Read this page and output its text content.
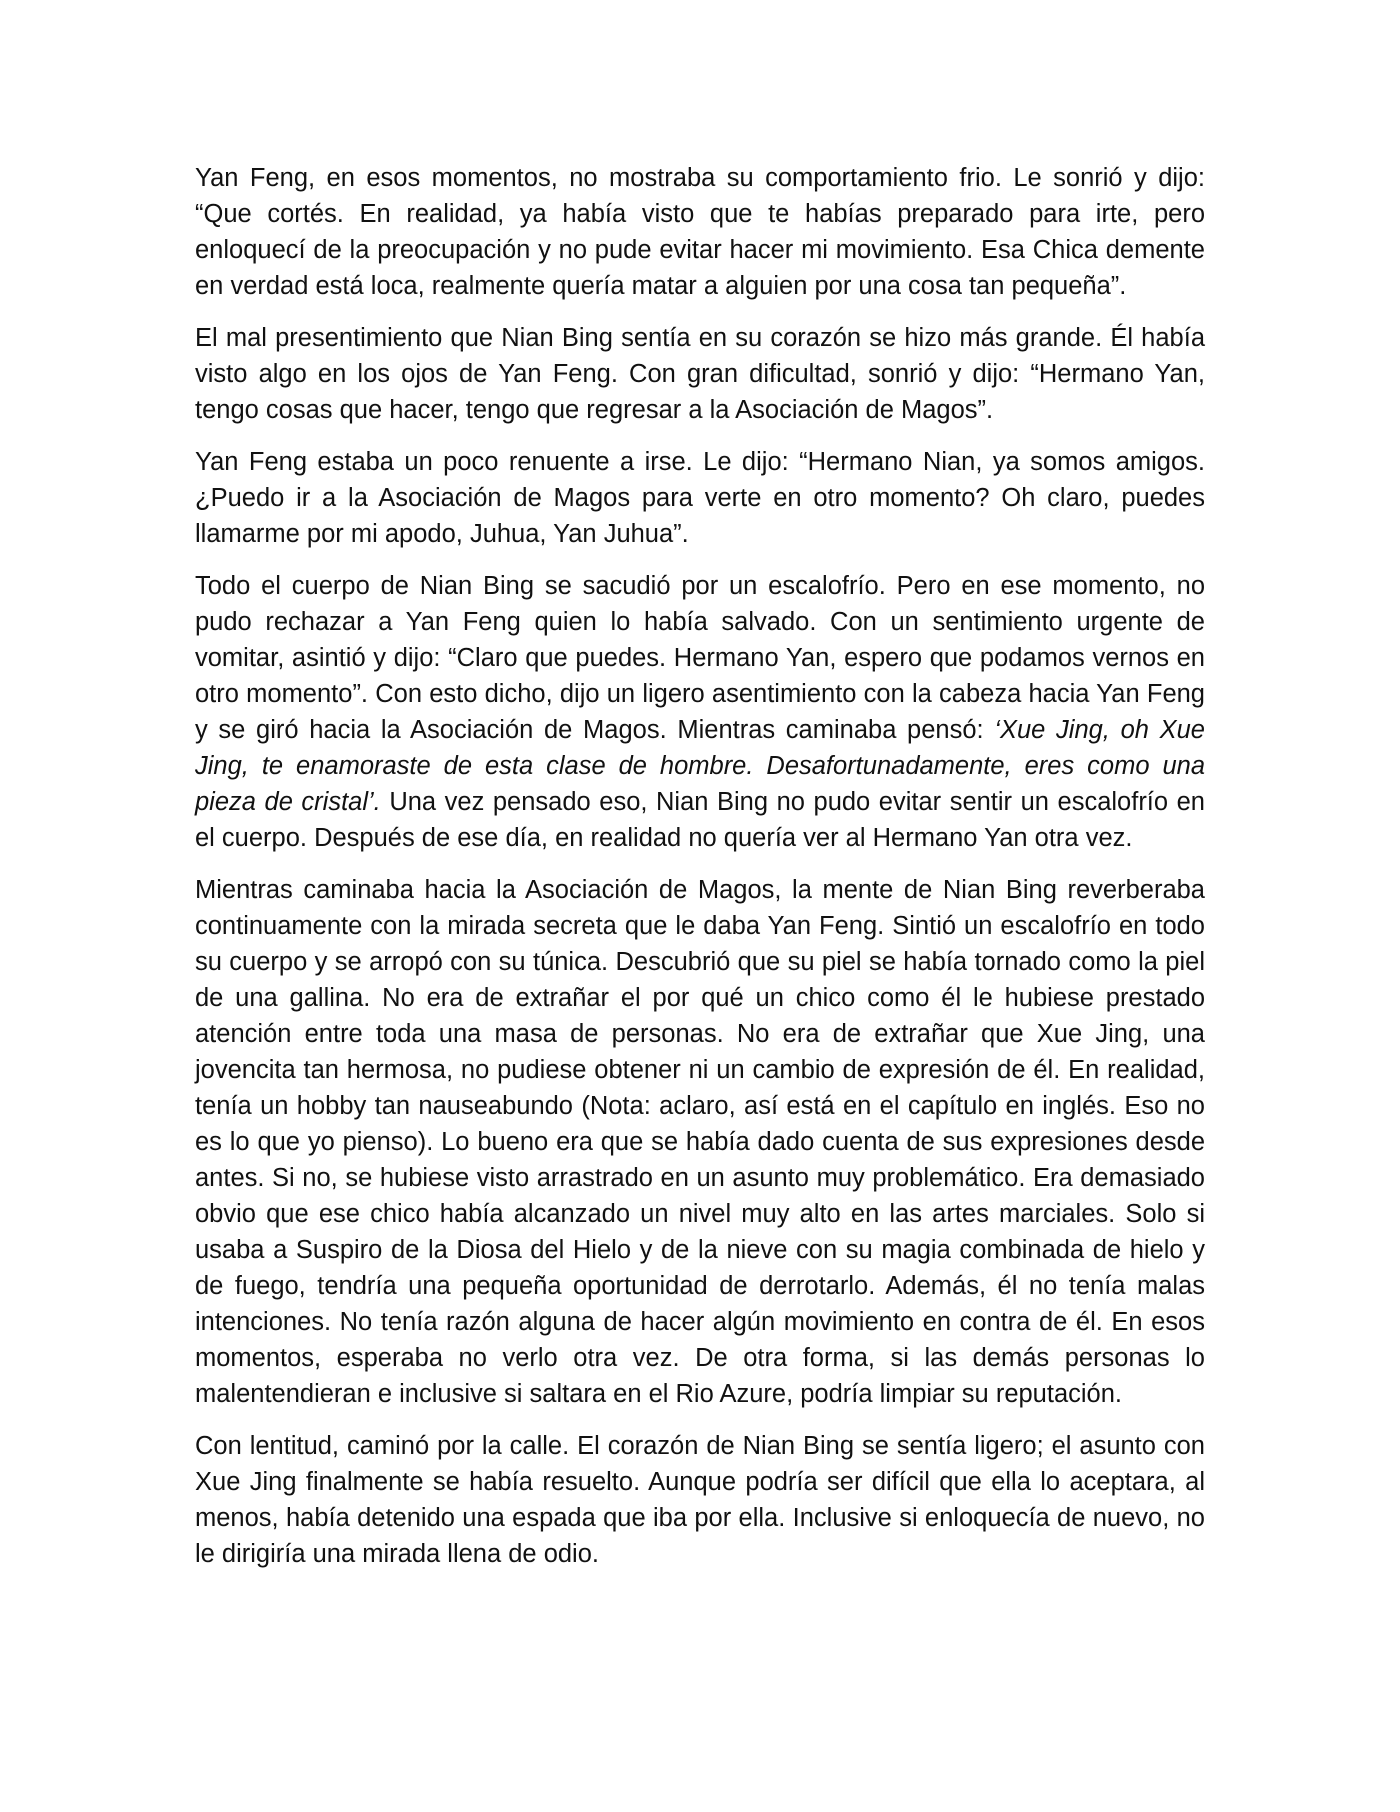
Yan Feng, en esos momentos, no mostraba su comportamiento frio. Le sonrió y dijo: “Que cortés. En realidad, ya había visto que te habías preparado para irte, pero enloquecí de la preocupación y no pude evitar hacer mi movimiento. Esa Chica demente en verdad está loca, realmente quería matar a alguien por una cosa tan pequeña”.

El mal presentimiento que Nian Bing sentía en su corazón se hizo más grande. Él había visto algo en los ojos de Yan Feng. Con gran dificultad, sonrió y dijo: “Hermano Yan, tengo cosas que hacer, tengo que regresar a la Asociación de Magos”.

Yan Feng estaba un poco renuente a irse. Le dijo: “Hermano Nian, ya somos amigos. ¿Puedo ir a la Asociación de Magos para verte en otro momento? Oh claro, puedes llamarme por mi apodo, Juhua, Yan Juhua”.

Todo el cuerpo de Nian Bing se sacudió por un escalofrío. Pero en ese momento, no pudo rechazar a Yan Feng quien lo había salvado. Con un sentimiento urgente de vomitar, asintió y dijo: “Claro que puedes. Hermano Yan, espero que podamos vernos en otro momento”. Con esto dicho, dijo un ligero asentimiento con la cabeza hacia Yan Feng y se giró hacia la Asociación de Magos. Mientras caminaba pensó: ‘Xue Jing, oh Xue Jing, te enamoraste de esta clase de hombre. Desafortunadamente, eres como una pieza de cristal’. Una vez pensado eso, Nian Bing no pudo evitar sentir un escalofrío en el cuerpo. Después de ese día, en realidad no quería ver al Hermano Yan otra vez.

Mientras caminaba hacia la Asociación de Magos, la mente de Nian Bing reverberaba continuamente con la mirada secreta que le daba Yan Feng. Sintió un escalofrío en todo su cuerpo y se arropó con su túnica. Descubrió que su piel se había tornado como la piel de una gallina. No era de extrañar el por qué un chico como él le hubiese prestado atención entre toda una masa de personas. No era de extrañar que Xue Jing, una jovencita tan hermosa, no pudiese obtener ni un cambio de expresión de él. En realidad, tenía un hobby tan nauseabundo (Nota: aclaro, así está en el capítulo en inglés. Eso no es lo que yo pienso). Lo bueno era que se había dado cuenta de sus expresiones desde antes. Si no, se hubiese visto arrastrado en un asunto muy problemático. Era demasiado obvio que ese chico había alcanzado un nivel muy alto en las artes marciales. Solo si usaba a Suspiro de la Diosa del Hielo y de la nieve con su magia combinada de hielo y de fuego, tendría una pequeña oportunidad de derrotarlo. Además, él no tenía malas intenciones. No tenía razón alguna de hacer algún movimiento en contra de él. En esos momentos, esperaba no verlo otra vez. De otra forma, si las demás personas lo malentendieran e inclusive si saltara en el Rio Azure, podría limpiar su reputación.

Con lentitud, caminó por la calle. El corazón de Nian Bing se sentía ligero; el asunto con Xue Jing finalmente se había resuelto. Aunque podría ser difícil que ella lo aceptara, al menos, había detenido una espada que iba por ella. Inclusive si enloquecía de nuevo, no le dirigiría una mirada llena de odio.
